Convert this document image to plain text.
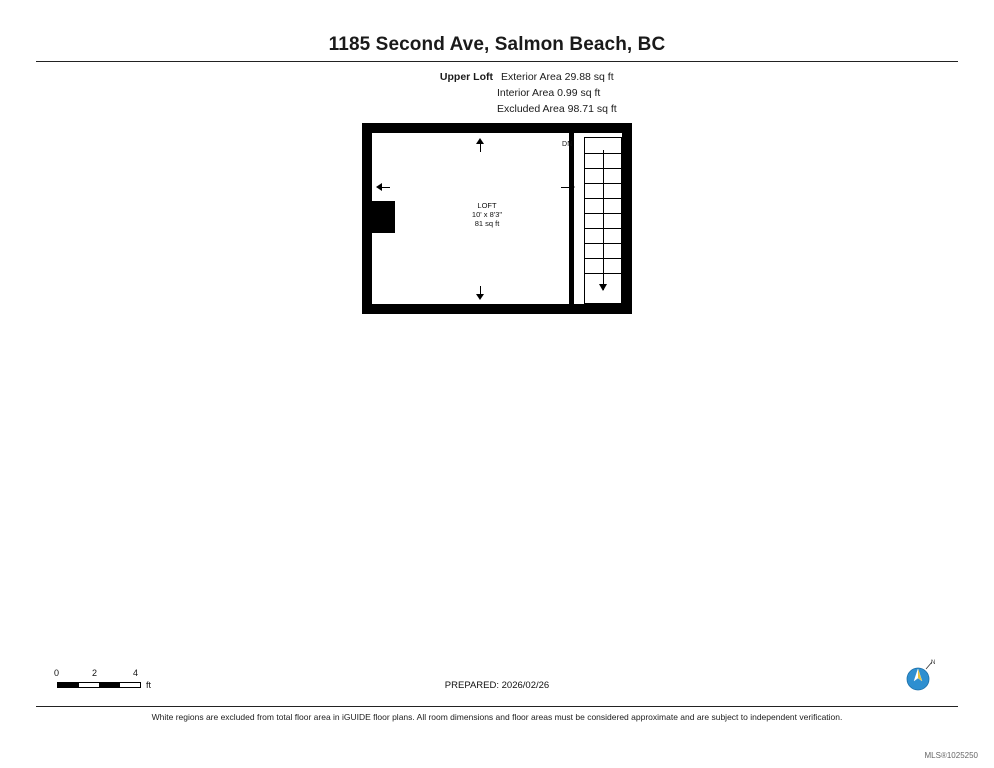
1185 Second Ave, Salmon Beach, BC
Upper Loft Exterior Area 29.88 sq ft
Interior Area 0.99 sq ft
Excluded Area 98.71 sq ft
DN
LOFT
10' x 8'3"
81 sq ft
0	2	4
ft	PREPARED: 2026/02/26
N
White regions are excluded from total floor area in iGUIDE floor plans. All room dimensions and floor areas must be considered approximate and are subject to independent verification.
MLS®1025250
